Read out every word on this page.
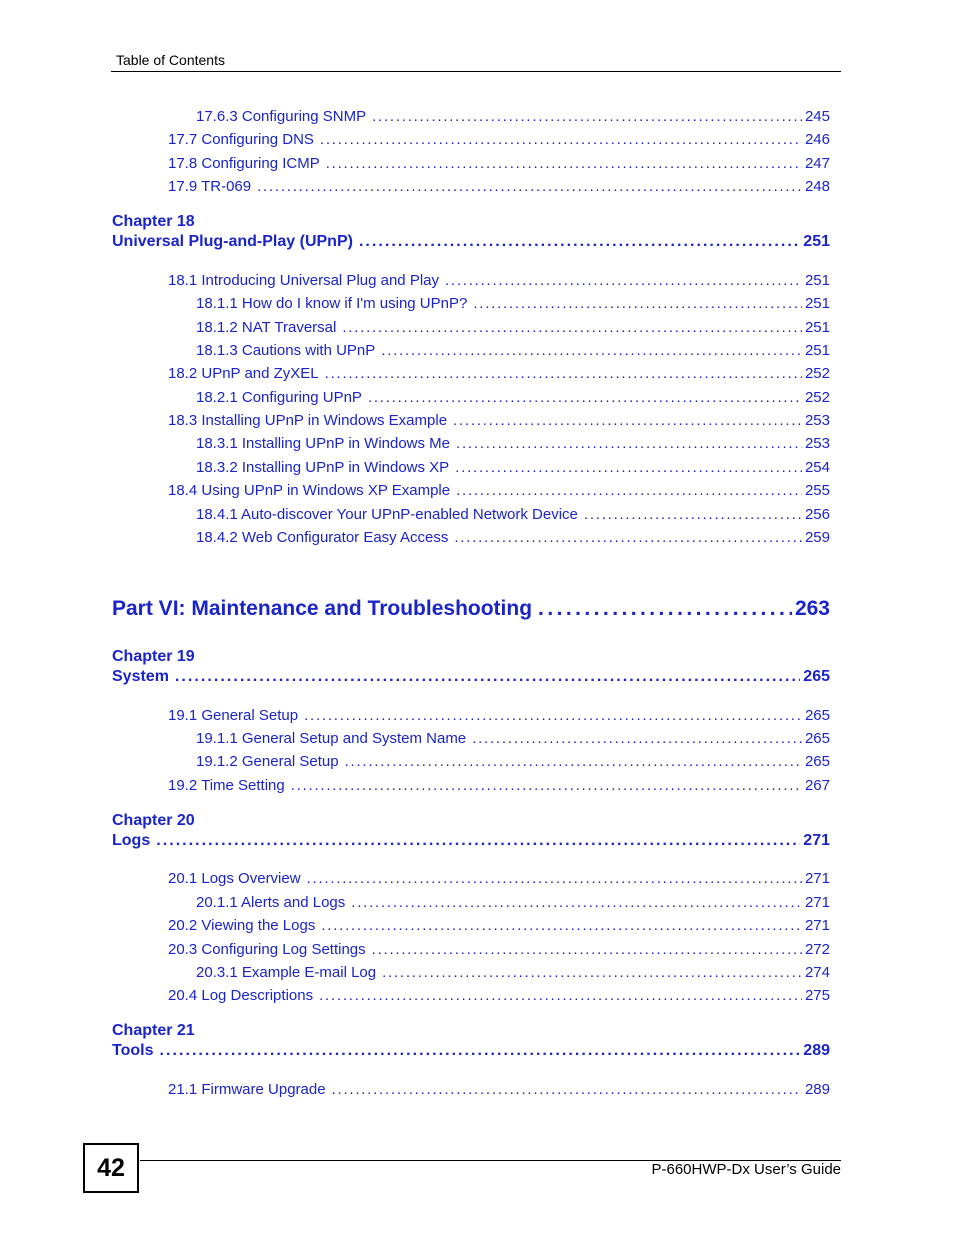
Table of Contents
17.6.3 Configuring SNMP . . .	245
17.7 Configuring DNS . . .	246
17.8 Configuring ICMP . . .	247
17.9 TR-069 . . .	248
Chapter 18
Universal Plug-and-Play (UPnP) . . .	251
18.1 Introducing Universal Plug and Play . . .	251
18.1.1 How do I know if I'm using UPnP? . . .	251
18.1.2 NAT Traversal . . .	251
18.1.3 Cautions with UPnP . . .	251
18.2 UPnP and ZyXEL . . .	252
18.2.1 Configuring UPnP . . .	252
18.3 Installing UPnP in Windows Example . . .	253
18.3.1 Installing UPnP in Windows Me . . .	253
18.3.2 Installing UPnP in Windows XP . . .	254
18.4 Using UPnP in Windows XP Example . . .	255
18.4.1 Auto-discover Your UPnP-enabled Network Device . . .	256
18.4.2 Web Configurator Easy Access . . .	259
Part VI: Maintenance and Troubleshooting . . .	263
Chapter 19
System . . .	265
19.1 General Setup . . .	265
19.1.1 General Setup and System Name . . .	265
19.1.2 General Setup . . .	265
19.2 Time Setting . . .	267
Chapter 20
Logs . . .	271
20.1 Logs Overview . . .	271
20.1.1 Alerts and Logs . . .	271
20.2 Viewing the Logs . . .	271
20.3 Configuring Log Settings . . .	272
20.3.1 Example E-mail Log . . .	274
20.4 Log Descriptions . . .	275
Chapter 21
Tools . . .	289
21.1 Firmware Upgrade . . .	289
42	P-660HWP-Dx User’s Guide
